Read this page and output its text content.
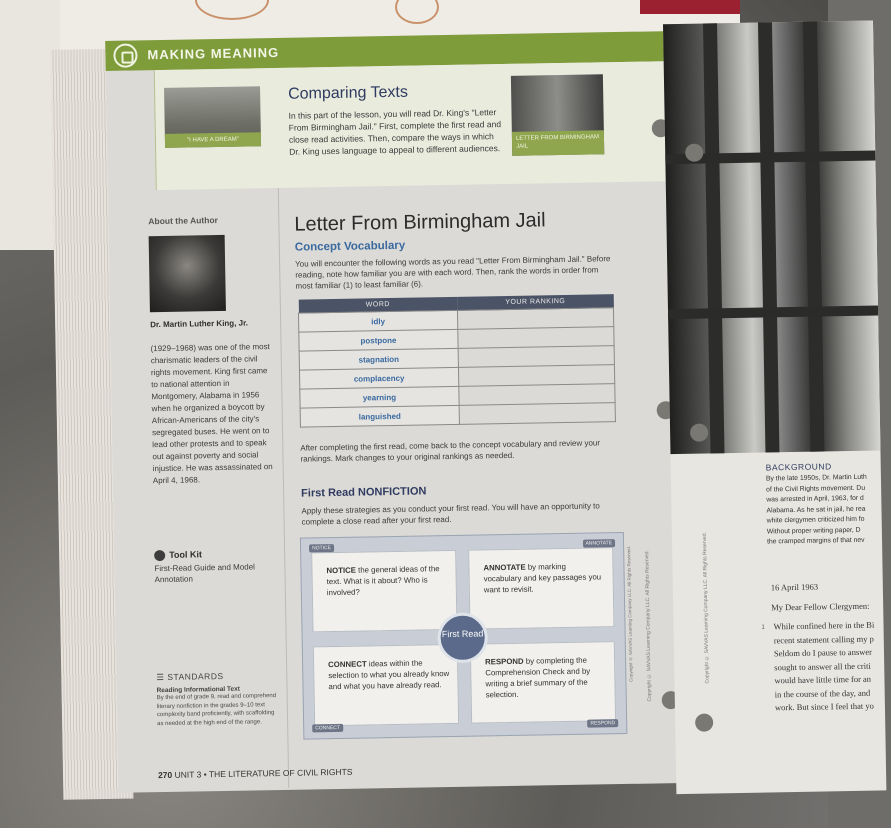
MAKING MEANING
"I HAVE A DREAM"
Comparing Texts
In this part of the lesson, you will read Dr. King's "Letter From Birmingham Jail." First, complete the first read and close read activities. Then, compare the ways in which Dr. King uses language to appeal to different audiences.
LETTER FROM BIRMINGHAM JAIL
About the Author
Dr. Martin Luther King, Jr.
(1929–1968) was one of the most charismatic leaders of the civil rights movement. King first came to national attention in Montgomery, Alabama in 1956 when he organized a boycott by African-Americans of the city's segregated buses. He went on to lead other protests and to speak out against poverty and social injustice. He was assassinated on April 4, 1968.
Tool Kit
First-Read Guide and Model Annotation
☰ STANDARDS
Reading Informational Text
By the end of grade 9, read and comprehend literary nonfiction in the grades 9–10 text complexity band proficiently, with scaffolding as needed at the high end of the range.
270 UNIT 3 • THE LITERATURE OF CIVIL RIGHTS
Letter From Birmingham Jail
Concept Vocabulary
You will encounter the following words as you read "Letter From Birmingham Jail." Before reading, note how familiar you are with each word. Then, rank the words in order from most familiar (1) to least familiar (6).
WORD	YOUR RANKING
idly	
postpone	
stagnation	
complacency	
yearning	
languished	
After completing the first read, come back to the concept vocabulary and review your rankings. Mark changes to your original rankings as needed.
First Read NONFICTION
Apply these strategies as you conduct your first read. You will have an opportunity to complete a close read after your first read.
NOTICE the general ideas of the text. What is it about? Who is involved?
ANNOTATE by marking vocabulary and key passages you want to revisit.
CONNECT ideas within the selection to what you already know and what you have already read.
RESPOND by completing the Comprehension Check and by writing a brief summary of the selection.
NOTICE
ANNOTATE
CONNECT
RESPOND
First Read	Copyright © SAVVAS Learning Company LLC. All Rights Reserved. Copyright © SAVVAS Learning Company LLC. All Rights Reserved.	Copyright © SAVVAS Learning Company LLC. All Rights Reserved.
BACKGROUND
By the late 1950s, Dr. Martin Luth
of the Civil Rights movement. Du
was arrested in April, 1963, for d
Alabama. As he sat in jail, he rea
white clergymen criticized him fo
Without proper writing paper, D
the cramped margins of that nev
16 April 1963
My Dear Fellow Clergymen:
1 While confined here in the Bi
recent statement calling my p
Seldom do I pause to answer
sought to answer all the criti
would have little time for an
in the course of the day, and
work. But since I feel that yo
